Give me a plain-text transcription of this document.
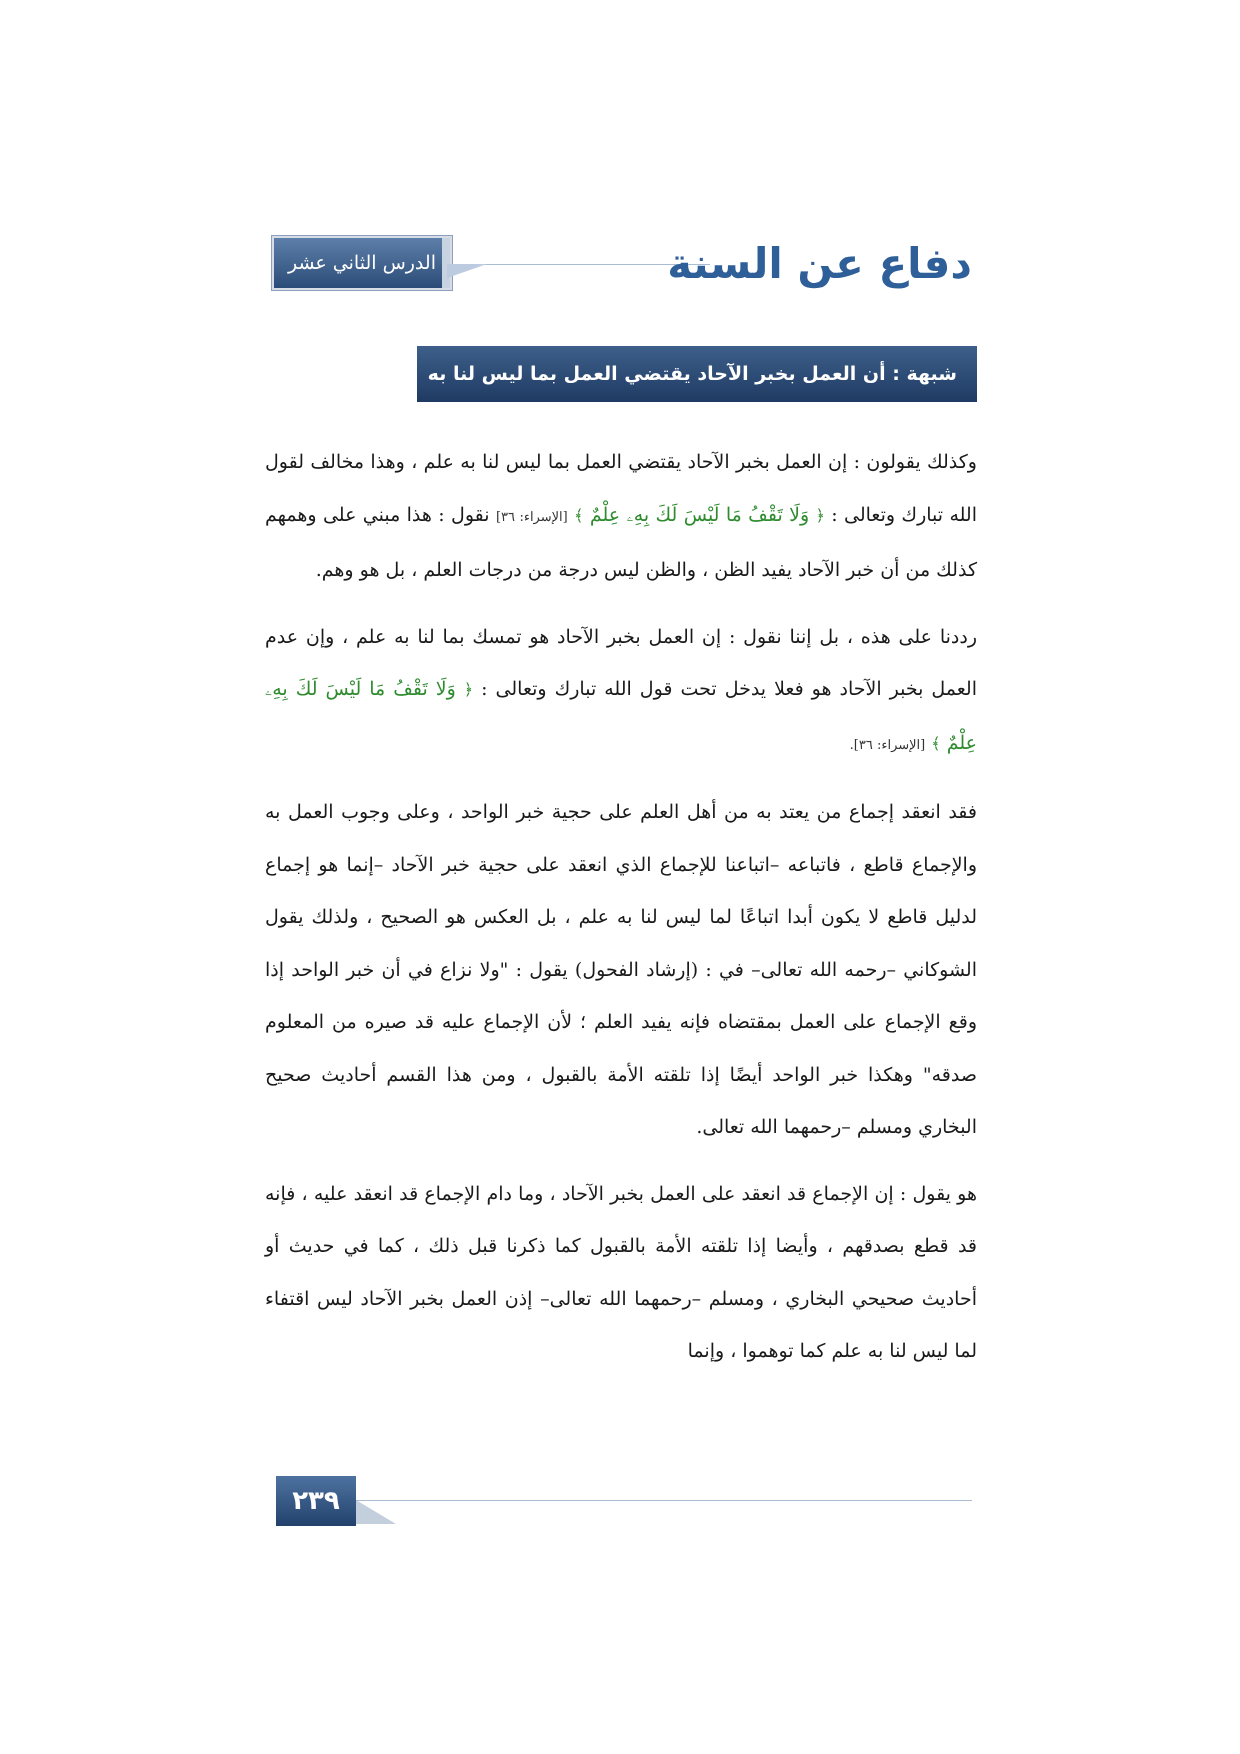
الدرس الثاني عشر	دفاع عن السنة
شبهة : أن العمل بخبر الآحاد يقتضي العمل بما ليس لنا به علم

وكذلك يقولون : إن العمل بخبر الآحاد يقتضي العمل بما ليس لنا به علم ، وهذا مخالف لقول الله تبارك وتعالى : ﴿ وَلَا تَقْفُ مَا لَيْسَ لَكَ بِهِۦ عِلْمٌ ﴾ [الإسراء: ٣٦] نقول : هذا مبني على وهمهم كذلك من أن خبر الآحاد يفيد الظن ، والظن ليس درجة من درجات العلم ، بل هو وهم.

رددنا على هذه ، بل إننا نقول : إن العمل بخبر الآحاد هو تمسك بما لنا به علم ، وإن عدم العمل بخبر الآحاد هو فعلا يدخل تحت قول الله تبارك وتعالى : ﴿ وَلَا تَقْفُ مَا لَيْسَ لَكَ بِهِۦ عِلْمٌ ﴾ [الإسراء: ٣٦].

فقد انعقد إجماع من يعتد به من أهل العلم على حجية خبر الواحد ، وعلى وجوب العمل به والإجماع قاطع ، فاتباعه –اتباعنا للإجماع الذي انعقد على حجية خبر الآحاد –إنما هو إجماع لدليل قاطع لا يكون أبدا اتباعًا لما ليس لنا به علم ، بل العكس هو الصحيح ، ولذلك يقول الشوكاني –رحمه الله تعالى– في : (إرشاد الفحول) يقول : "ولا نزاع في أن خبر الواحد إذا وقع الإجماع على العمل بمقتضاه فإنه يفيد العلم ؛ لأن الإجماع عليه قد صيره من المعلوم صدقه" وهكذا خبر الواحد أيضًا إذا تلقته الأمة بالقبول ، ومن هذا القسم أحاديث صحيح البخاري ومسلم –رحمهما الله تعالى.

هو يقول : إن الإجماع قد انعقد على العمل بخبر الآحاد ، وما دام الإجماع قد انعقد عليه ، فإنه قد قطع بصدقهم ، وأيضا إذا تلقته الأمة بالقبول كما ذكرنا قبل ذلك ، كما في حديث أو أحاديث صحيحي البخاري ، ومسلم –رحمهما الله تعالى– إذن العمل بخبر الآحاد ليس اقتفاء لما ليس لنا به علم كما توهموا ، وإنما

٢٣٩
